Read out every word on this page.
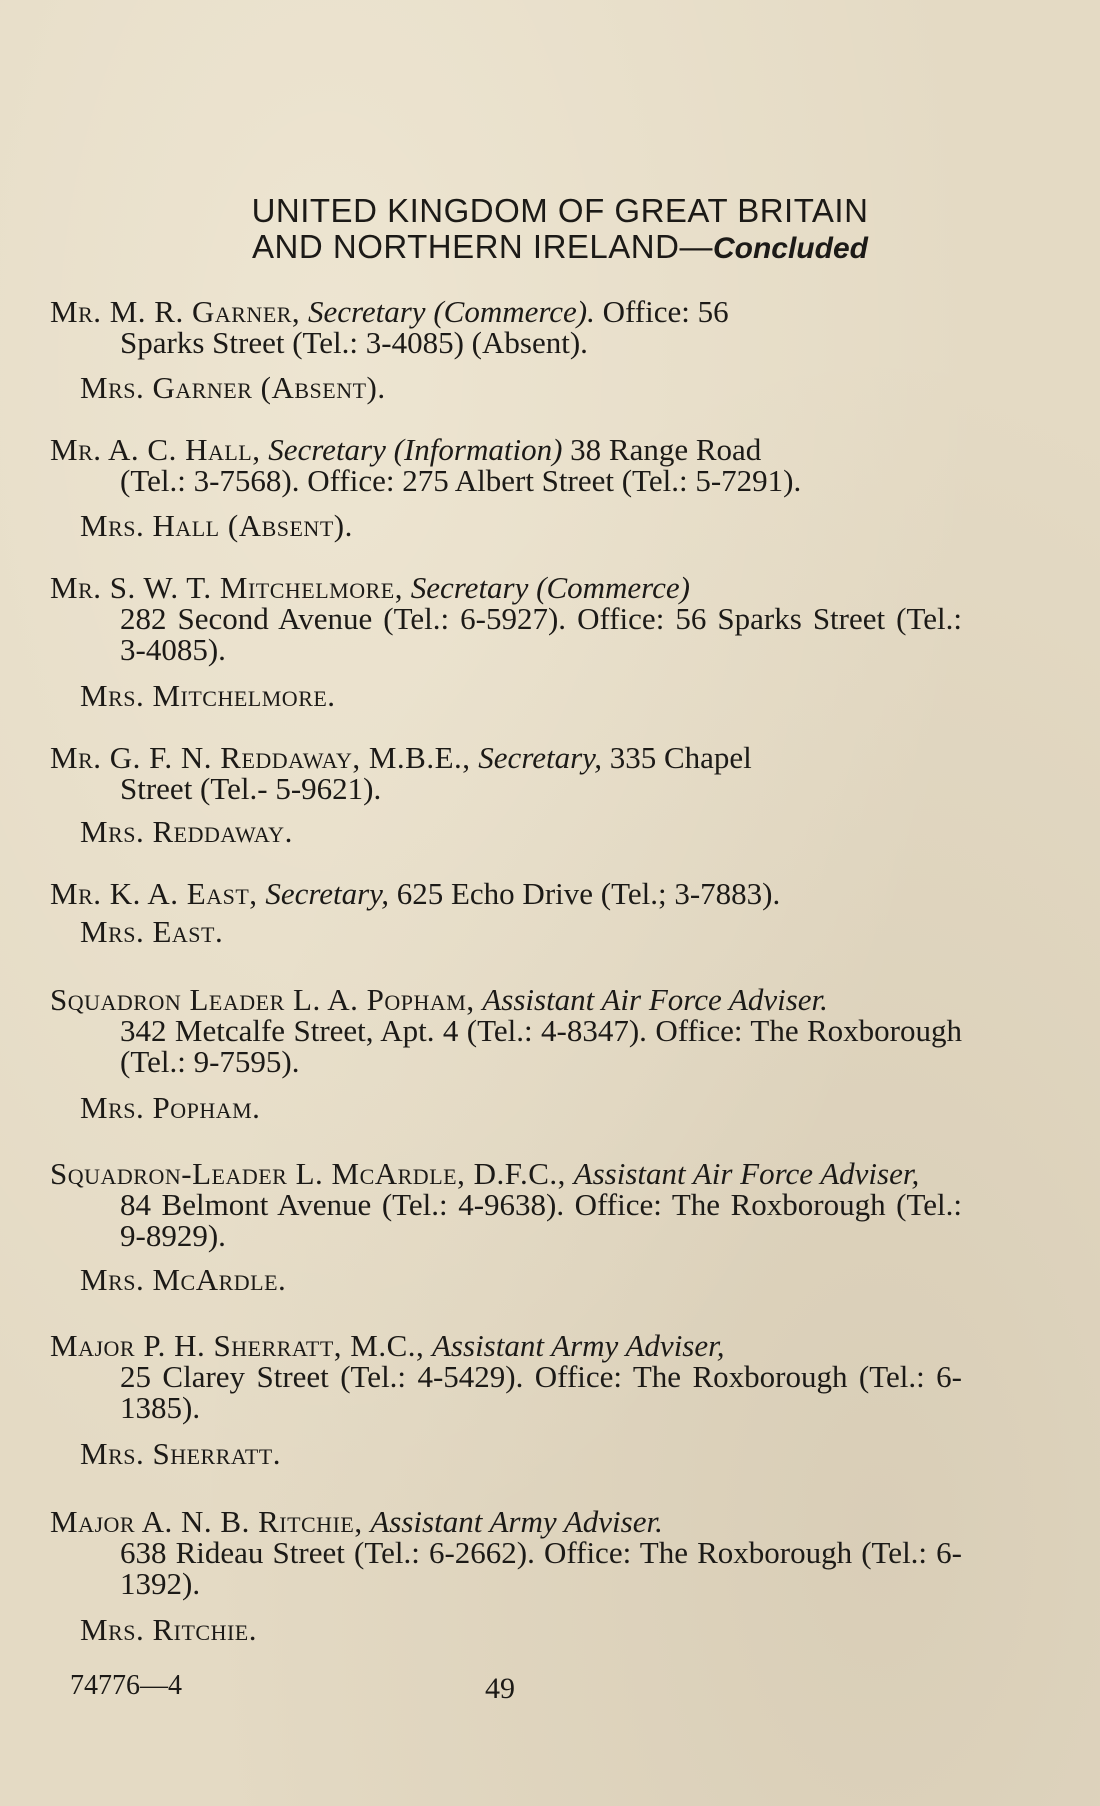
UNITED KINGDOM OF GREAT BRITAIN
AND NORTHERN IRELAND—Concluded
Mr. M. R. Garner, Secretary (Commerce). Office: 56
Sparks Street (Tel.: 3-4085) (Absent).
Mrs. Garner (Absent).
Mr. A. C. Hall, Secretary (Information) 38 Range Road
(Tel.: 3-7568). Office: 275 Albert Street (Tel.: 5-7291).
Mrs. Hall (Absent).
Mr. S. W. T. Mitchelmore, Secretary (Commerce)
282 Second Avenue (Tel.: 6-5927). Office: 56 Sparks Street (Tel.: 3-4085).
Mrs. Mitchelmore.
Mr. G. F. N. Reddaway, M.B.E., Secretary, 335 Chapel
Street (Tel.- 5-9621).
Mrs. Reddaway.
Mr. K. A. East, Secretary, 625 Echo Drive (Tel.; 3-7883).
Mrs. East.
Squadron Leader L. A. Popham, Assistant Air Force Adviser.
342 Metcalfe Street, Apt. 4 (Tel.: 4-8347). Office: The Roxborough (Tel.: 9-7595).
Mrs. Popham.
Squadron-Leader L. McArdle, D.F.C., Assistant Air Force Adviser,
84 Belmont Avenue (Tel.: 4-9638). Office: The Roxborough (Tel.: 9-8929).
Mrs. McArdle.
Major P. H. Sherratt, M.C., Assistant Army Adviser,
25 Clarey Street (Tel.: 4-5429). Office: The Roxborough (Tel.: 6-1385).
Mrs. Sherratt.
Major A. N. B. Ritchie, Assistant Army Adviser.
638 Rideau Street (Tel.: 6-2662). Office: The Roxborough (Tel.: 6-1392).
Mrs. Ritchie.
74776—4	49
